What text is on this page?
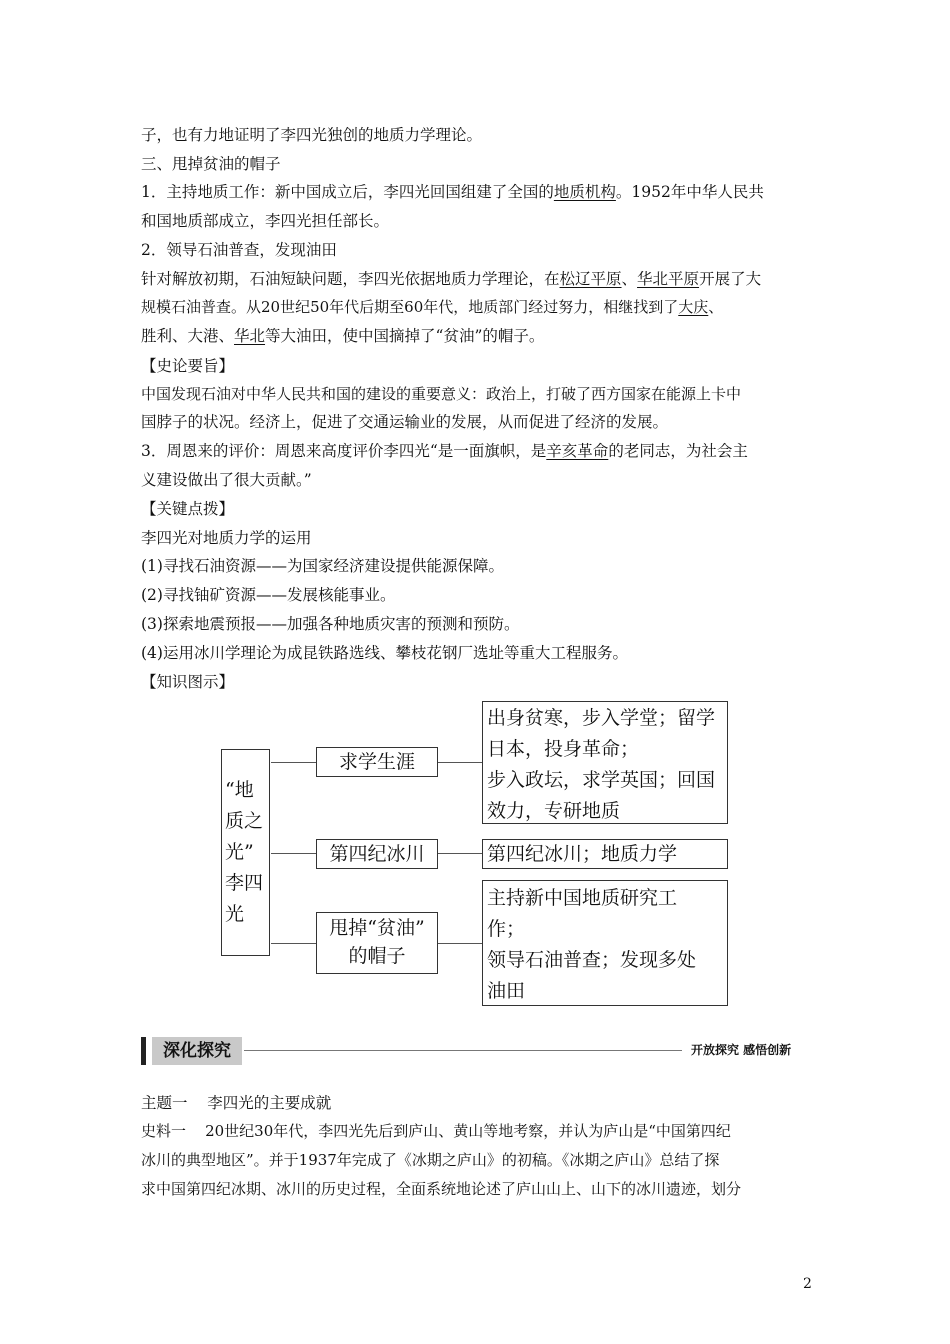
子，也有力地证明了李四光独创的地质力学理论。
三、甩掉贫油的帽子
1．主持地质工作：新中国成立后，李四光回国组建了全国的地质机构。1952年中华人民共
和国地质部成立，李四光担任部长。
2．领导石油普查，发现油田
针对解放初期，石油短缺问题，李四光依据地质力学理论，在松辽平原、华北平原开展了大
规模石油普查。从20世纪50年代后期至60年代，地质部门经过努力，相继找到了大庆、
胜利、大港、华北等大油田，使中国摘掉了“贫油”的帽子。
【史论要旨】
中国发现石油对中华人民共和国的建设的重要意义：政治上，打破了西方国家在能源上卡中
国脖子的状况。经济上，促进了交通运输业的发展，从而促进了经济的发展。
3．周恩来的评价：周恩来高度评价李四光“是一面旗帜，是辛亥革命的老同志，为社会主
义建设做出了很大贡献。”
【关键点拨】
李四光对地质力学的运用
(1)寻找石油资源——为国家经济建设提供能源保障。
(2)寻找铀矿资源——发展核能事业。
(3)探索地震预报——加强各种地质灾害的预测和预防。
(4)运用冰川学理论为成昆铁路选线、攀枝花钢厂选址等重大工程服务。
【知识图示】
“地
质之
光”
李四
光
求学生涯
第四纪冰川
甩掉“贫油”
的帽子
出身贫寒，步入学堂；留学
日本，投身革命；
步入政坛，求学英国；回国
效力，专研地质
第四纪冰川；地质力学
主持新中国地质研究工
作；
领导石油普查；发现多处
油田
深化探究	开放探究 感悟创新
主题一    李四光的主要成就
史料一    20世纪30年代，李四光先后到庐山、黄山等地考察，并认为庐山是“中国第四纪
冰川的典型地区”。并于1937年完成了《冰期之庐山》的初稿。《冰期之庐山》总结了探
求中国第四纪冰期、冰川的历史过程，全面系统地论述了庐山山上、山下的冰川遗迹，划分
2
